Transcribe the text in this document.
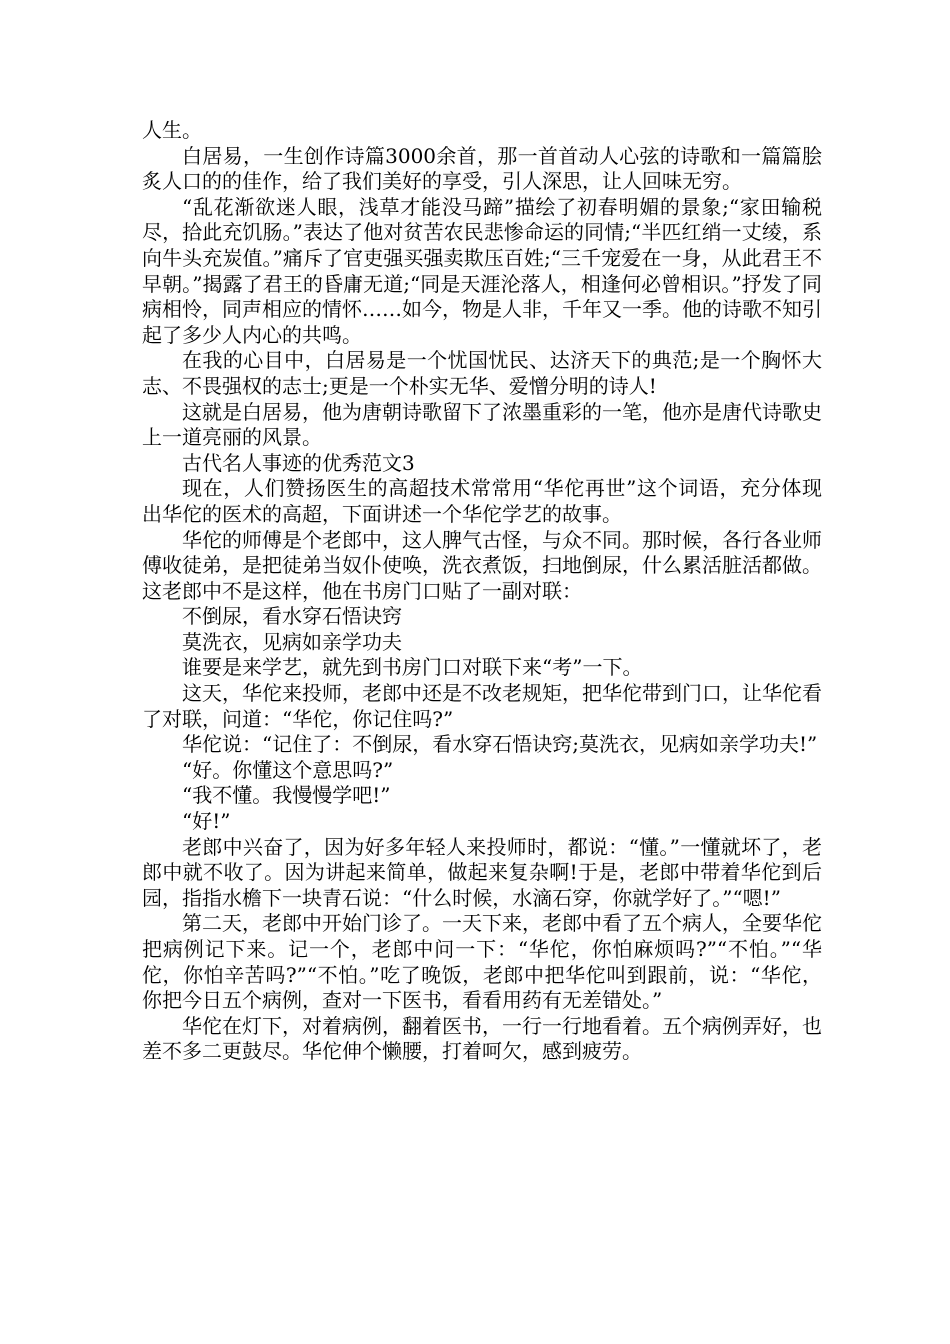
人生。

白居易，一生创作诗篇3000余首，那一首首动人心弦的诗歌和一篇篇脍炙人口的的佳作，给了我们美好的享受，引人深思，让人回味无穷。

“乱花渐欲迷人眼，浅草才能没马蹄”描绘了初春明媚的景象;“家田输税尽，拾此充饥肠。”表达了他对贫苦农民悲惨命运的同情;“半匹红绡一丈绫，系向牛头充炭值。”痛斥了官吏强买强卖欺压百姓;“三千宠爱在一身，从此君王不早朝。”揭露了君王的昏庸无道;“同是天涯沦落人，相逢何必曾相识。”抒发了同病相怜，同声相应的情怀……如今，物是人非，千年又一季。他的诗歌不知引起了多少人内心的共鸣。

在我的心目中，白居易是一个忧国忧民、达济天下的典范;是一个胸怀大志、不畏强权的志士;更是一个朴实无华、爱憎分明的诗人!

这就是白居易，他为唐朝诗歌留下了浓墨重彩的一笔，他亦是唐代诗歌史上一道亮丽的风景。

古代名人事迹的优秀范文3

现在，人们赞扬医生的高超技术常常用“华佗再世”这个词语，充分体现出华佗的医术的高超，下面讲述一个华佗学艺的故事。

华佗的师傅是个老郎中，这人脾气古怪，与众不同。那时候，各行各业师傅收徒弟，是把徒弟当奴仆使唤，洗衣煮饭，扫地倒尿，什么累活脏活都做。这老郎中不是这样，他在书房门口贴了一副对联：

不倒尿，看水穿石悟诀窍

莫洗衣，见病如亲学功夫

谁要是来学艺，就先到书房门口对联下来“考”一下。

这天，华佗来投师，老郎中还是不改老规矩，把华佗带到门口，让华佗看了对联，问道：“华佗，你记住吗?”

华佗说：“记住了：不倒尿，看水穿石悟诀窍;莫洗衣，见病如亲学功夫!”

“好。你懂这个意思吗?”

“我不懂。我慢慢学吧!”

“好!”

老郎中兴奋了，因为好多年轻人来投师时，都说：“懂。”一懂就坏了，老郎中就不收了。因为讲起来简单，做起来复杂啊!于是，老郎中带着华佗到后园，指指水檐下一块青石说：“什么时候，水滴石穿，你就学好了。”“嗯!”

第二天，老郎中开始门诊了。一天下来，老郎中看了五个病人，全要华佗把病例记下来。记一个，老郎中问一下：“华佗，你怕麻烦吗?”“不怕。”“华佗，你怕辛苦吗?”“不怕。”吃了晚饭，老郎中把华佗叫到跟前，说：“华佗，你把今日五个病例，查对一下医书，看看用药有无差错处。”

华佗在灯下，对着病例，翻着医书，一行一行地看着。五个病例弄好，也差不多二更鼓尽。华佗伸个懒腰，打着呵欠，感到疲劳。
